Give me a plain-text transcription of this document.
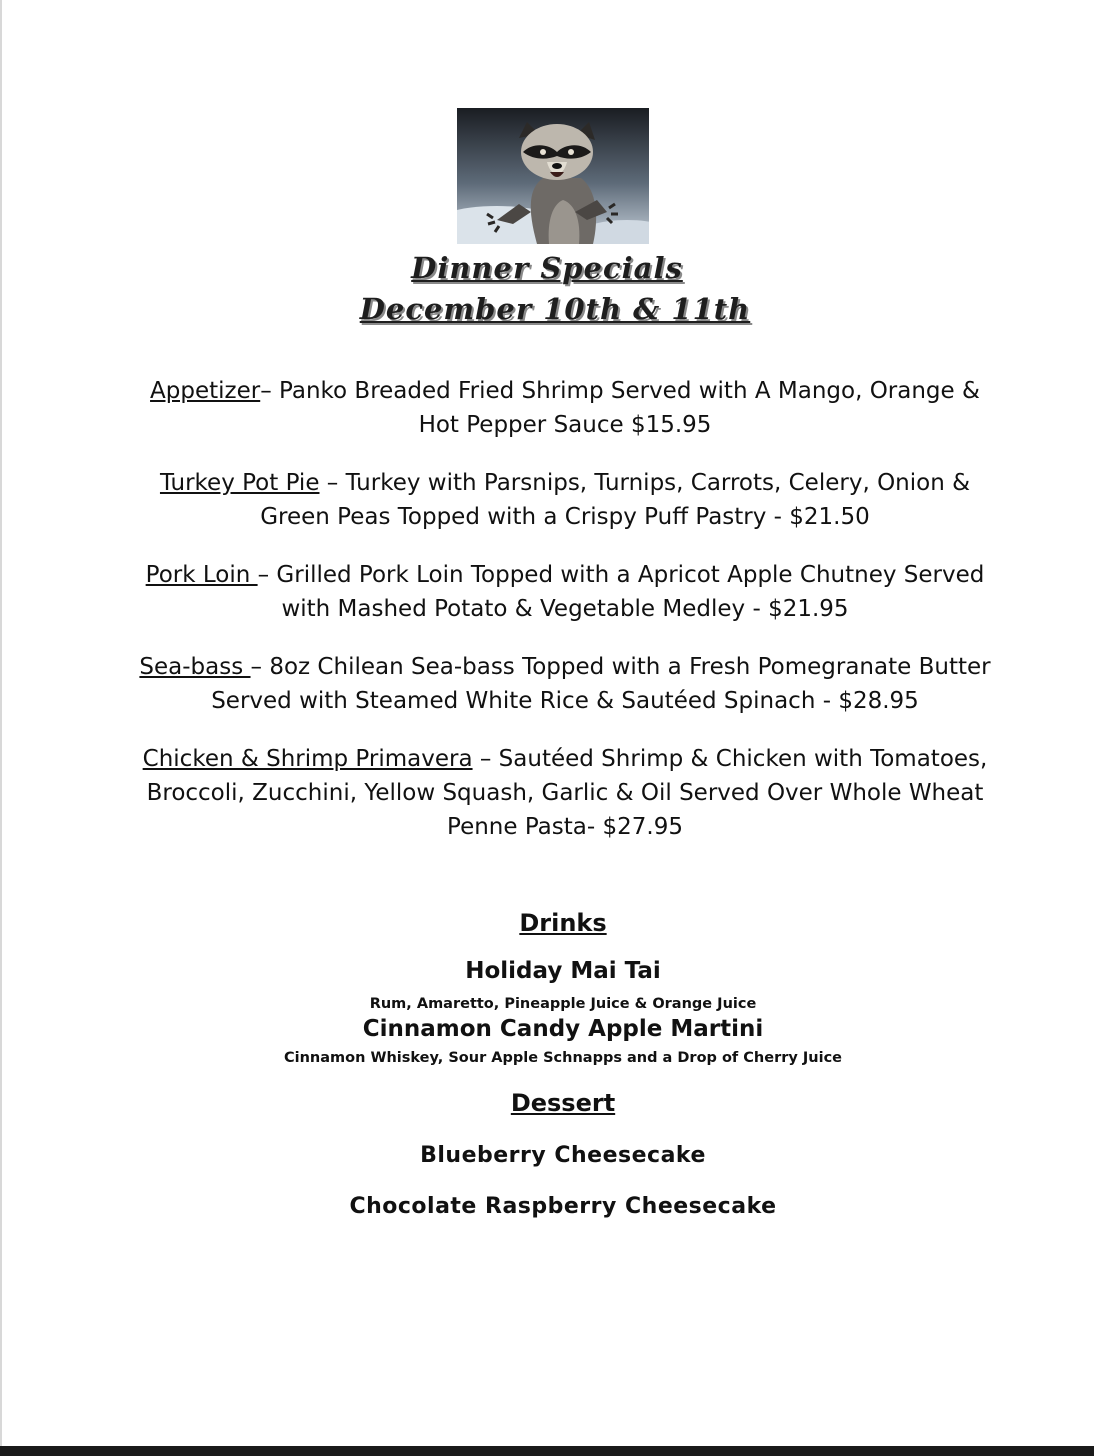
Dinner Specials
December 10th & 11th

Appetizer– Panko Breaded Fried Shrimp Served with A Mango, Orange & Hot Pepper Sauce $15.95

Turkey Pot Pie – Turkey with Parsnips, Turnips, Carrots, Celery, Onion & Green Peas Topped with a Crispy Puff Pastry - $21.50

Pork Loin – Grilled Pork Loin Topped with a Apricot Apple Chutney Served with Mashed Potato & Vegetable Medley - $21.95

Sea-bass – 8oz Chilean Sea-bass Topped with a Fresh Pomegranate Butter Served with Steamed White Rice & Sautéed Spinach - $28.95

Chicken & Shrimp Primavera – Sautéed Shrimp & Chicken with Tomatoes, Broccoli, Zucchini, Yellow Squash, Garlic & Oil Served Over Whole Wheat Penne Pasta- $27.95

Drinks
Holiday Mai Tai
Rum, Amaretto, Pineapple Juice & Orange Juice
Cinnamon Candy Apple Martini
Cinnamon Whiskey, Sour Apple Schnapps and a Drop of Cherry Juice
Dessert
Blueberry Cheesecake
Chocolate Raspberry Cheesecake
